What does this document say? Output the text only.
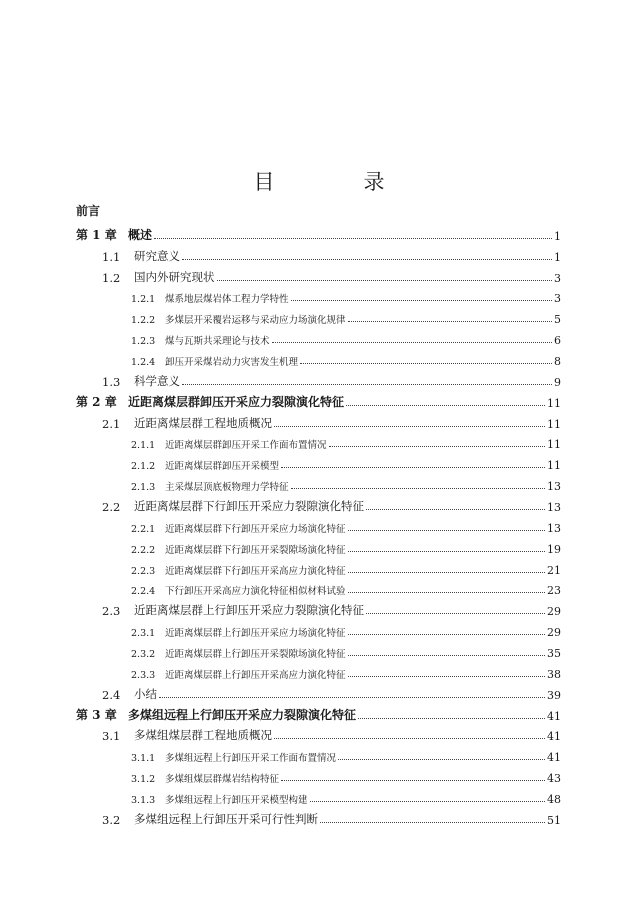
目　录
前言
第 1 章 概述	1
1.1	研究意义	1
1.2	国内外研究现状	3
1.2.1	煤系地层煤岩体工程力学特性	3
1.2.2	多煤层开采覆岩运移与采动应力场演化规律	5
1.2.3	煤与瓦斯共采理论与技术	6
1.2.4	卸压开采煤岩动力灾害发生机理	8
1.3	科学意义	9
第 2 章 近距离煤层群卸压开采应力裂隙演化特征	11
2.1	近距离煤层群工程地质概况	11
2.1.1	近距离煤层群卸压开采工作面布置情况	11
2.1.2	近距离煤层群卸压开采模型	11
2.1.3	主采煤层顶底板物理力学特征	13
2.2	近距离煤层群下行卸压开采应力裂隙演化特征	13
2.2.1	近距离煤层群下行卸压开采应力场演化特征	13
2.2.2	近距离煤层群下行卸压开采裂隙场演化特征	19
2.2.3	近距离煤层群下行卸压开采高应力演化特征	21
2.2.4	下行卸压开采高应力演化特征相似材料试验	23
2.3	近距离煤层群上行卸压开采应力裂隙演化特征	29
2.3.1	近距离煤层群上行卸压开采应力场演化特征	29
2.3.2	近距离煤层群上行卸压开采裂隙场演化特征	35
2.3.3	近距离煤层群上行卸压开采高应力演化特征	38
2.4	小结	39
第 3 章 多煤组远程上行卸压开采应力裂隙演化特征	41
3.1	多煤组煤层群工程地质概况	41
3.1.1	多煤组远程上行卸压开采工作面布置情况	41
3.1.2	多煤组煤层群煤岩结构特征	43
3.1.3	多煤组远程上行卸压开采模型构建	48
3.2	多煤组远程上行卸压开采可行性判断	51
